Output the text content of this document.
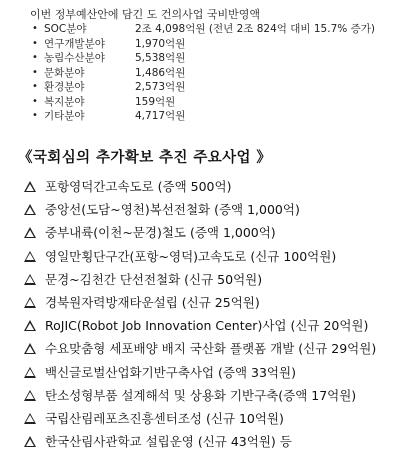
이번 정부예산안에 담긴 도 건의사업 국비반영액
• SOC분야	2조 4,098억원 (전년 2조 824억 대비 15.7% 증가)
• 연구개발분야	1,970억원
• 농림수산분야	5,538억원
• 문화분야	1,486억원
• 환경분야	2,573억원
• 복지분야	159억원
• 기타분야	4,717억원
《국회심의 추가확보 추진 주요사업 》
포항영덕간고속도로 (증액 500억)
중앙선(도담~영천)복선전철화 (증액 1,000억)
중부내륙(이천~문경)철도 (증액 1,000억)
영일만횡단구간(포항~영덕)고속도로 (신규 100억원)
문경~김천간 단선전철화 (신규 50억원)
경북원자력방재타운설립 (신규 25억원)
RoJIC(Robot Job Innovation Center)사업 (신규 20억원)
수요맞춤형 세포배양 배지 국산화 플랫폼 개발 (신규 29억원)
백신글로벌산업화기반구축사업 (증액 33억원)
탄소성형부품 설계해석 및 상용화 기반구축(증액 17억원)
국립산림레포츠진흥센터조성 (신규 10억원)
한국산림사관학교 설립운영 (신규 43억원) 등
